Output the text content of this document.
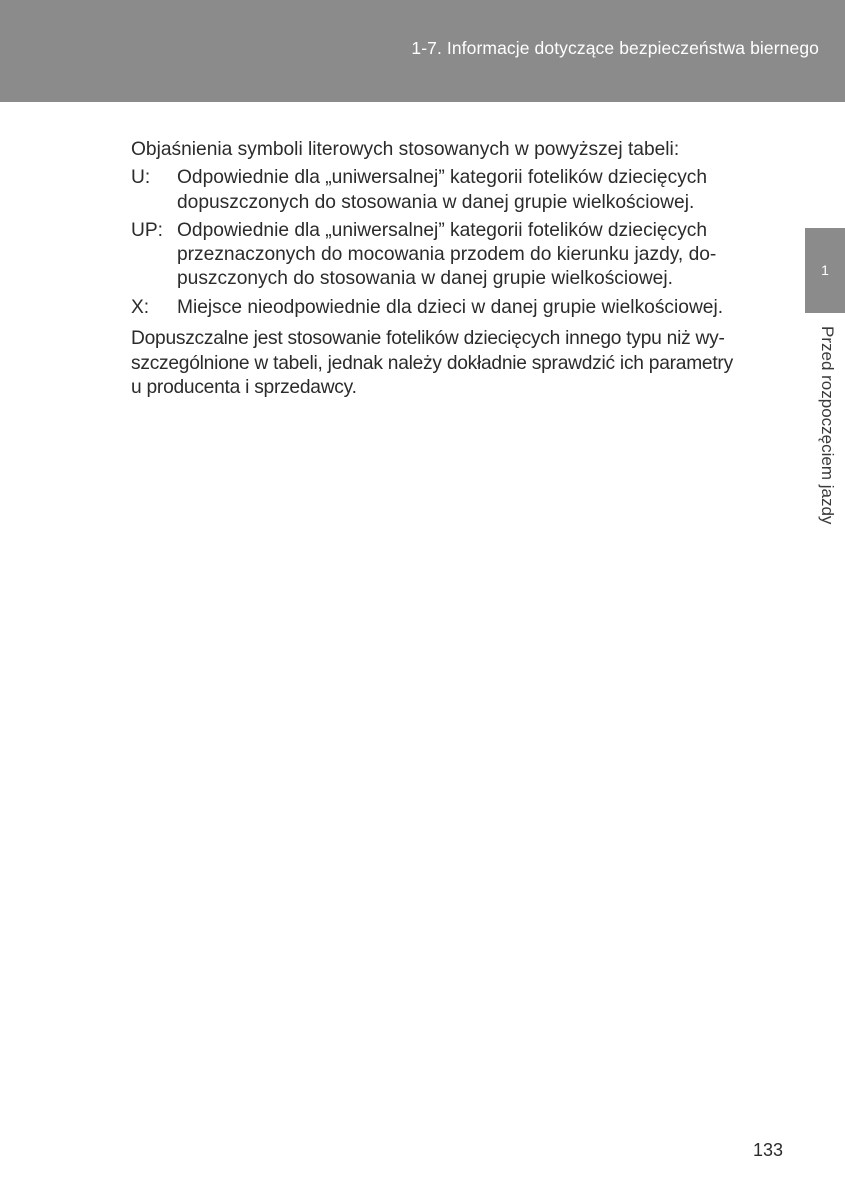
1-7. Informacje dotyczące bezpieczeństwa biernego

Objaśnienia symboli literowych stosowanych w powyższej tabeli:

U:	Odpowiednie dla „uniwersalnej” kategorii fotelików dziecięcych
dopuszczonych do stosowania w danej grupie wielkościowej.
UP: Odpowiednie dla „uniwersalnej” kategorii fotelików dziecięcych
przeznaczonych do mocowania przodem do kierunku jazdy, do-
puszczonych do stosowania w danej grupie wielkościowej.
X:	Miejsce nieodpowiednie dla dzieci w danej grupie wielkościowej.

Dopuszczalne jest stosowanie fotelików dziecięcych innego typu niż wy-
szczególnione w tabeli, jednak należy dokładnie sprawdzić ich parametry
u producenta i sprzedawcy.

1
Przed rozpoczęciem jazdy
133
